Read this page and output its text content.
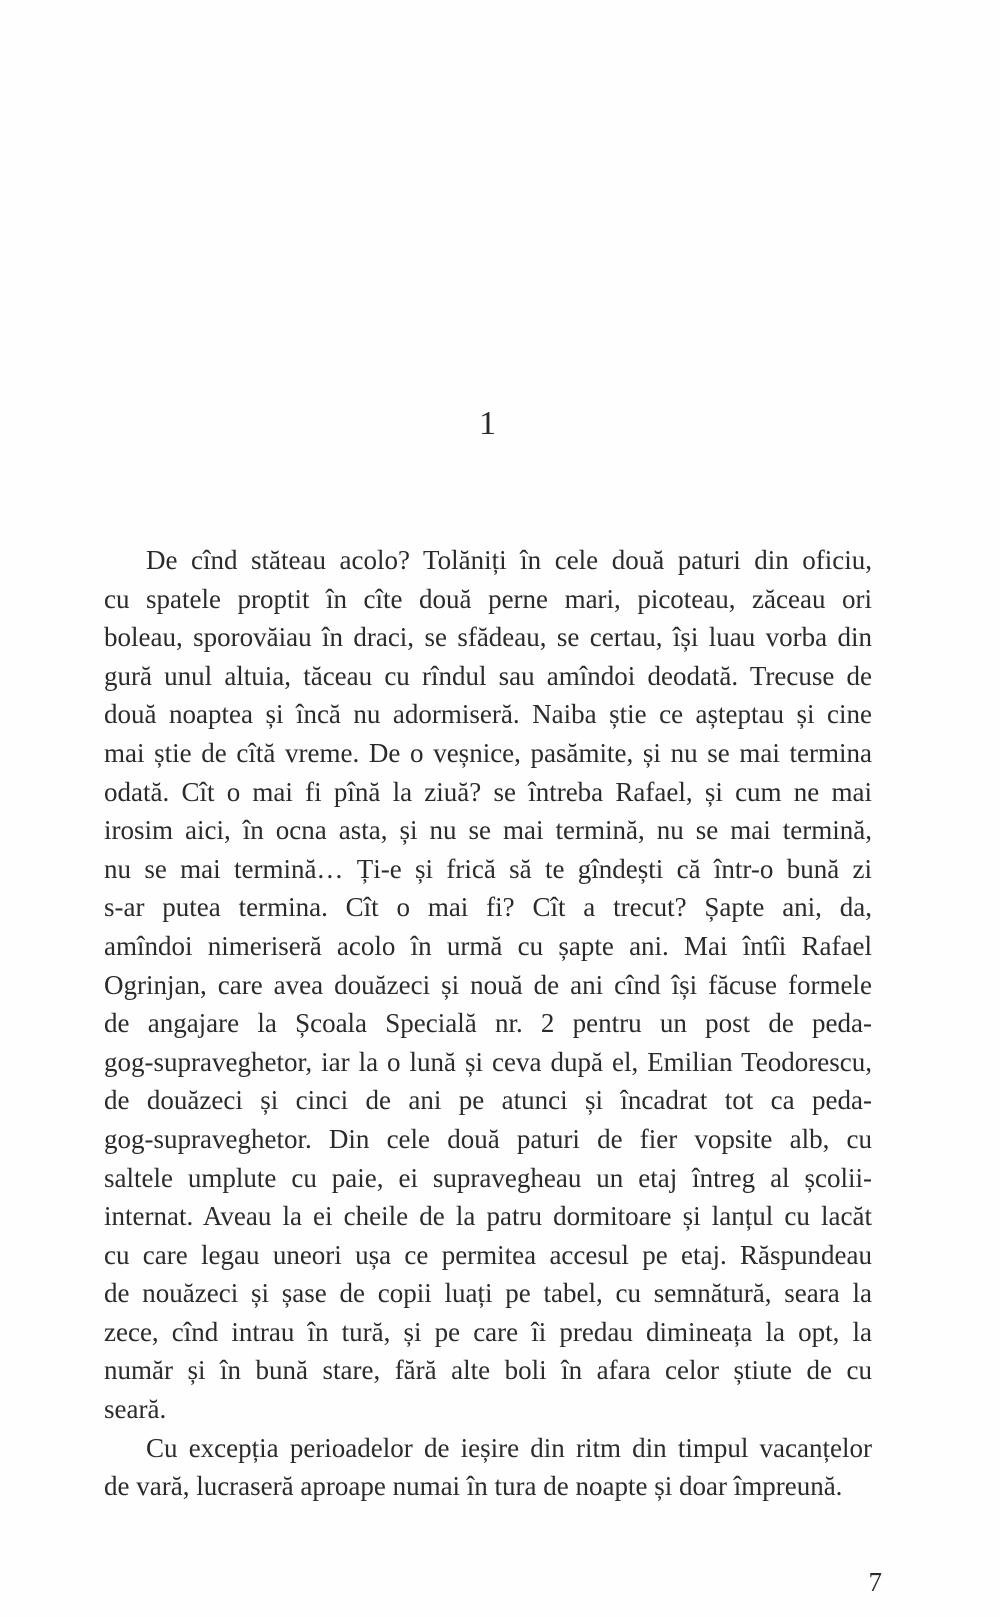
1
De cînd stăteau acolo? Tolăniți în cele două paturi din oficiu,
cu spatele proptit în cîte două perne mari, picoteau, zăceau ori
boleau, sporovăiau în draci, se sfădeau, se certau, își luau vorba din
gură unul altuia, tăceau cu rîndul sau amîndoi deodată. Trecuse de
două noaptea și încă nu adormiseră. Naiba știe ce așteptau și cine
mai știe de cîtă vreme. De o veșnice, pasămite, și nu se mai termina
odată. Cît o mai fi pînă la ziuă? se întreba Rafael, și cum ne mai
irosim aici, în ocna asta, și nu se mai termină, nu se mai termină,
nu se mai termină… Ți-e și frică să te gîndești că într-o bună zi
s-ar putea termina. Cît o mai fi? Cît a trecut? Șapte ani, da,
amîndoi nimeriseră acolo în urmă cu șapte ani. Mai întîi Rafael
Ogrinjan, care avea douăzeci și nouă de ani cînd își făcuse formele
de angajare la Școala Specială nr. 2 pentru un post de peda-
gog-supraveghetor, iar la o lună și ceva după el, Emilian Teodorescu,
de douăzeci și cinci de ani pe atunci și încadrat tot ca peda-
gog-supraveghetor. Din cele două paturi de fier vopsite alb, cu
saltele umplute cu paie, ei supravegheau un etaj întreg al școlii-
internat. Aveau la ei cheile de la patru dormitoare și lanțul cu lacăt
cu care legau uneori ușa ce permitea accesul pe etaj. Răspundeau
de nouăzeci și șase de copii luați pe tabel, cu semnătură, seara la
zece, cînd intrau în tură, și pe care îi predau dimineața la opt, la
număr și în bună stare, fără alte boli în afara celor știute de cu
seară.
Cu excepția perioadelor de ieșire din ritm din timpul vacanțelor
de vară, lucraseră aproape numai în tura de noapte și doar împreună.
7
